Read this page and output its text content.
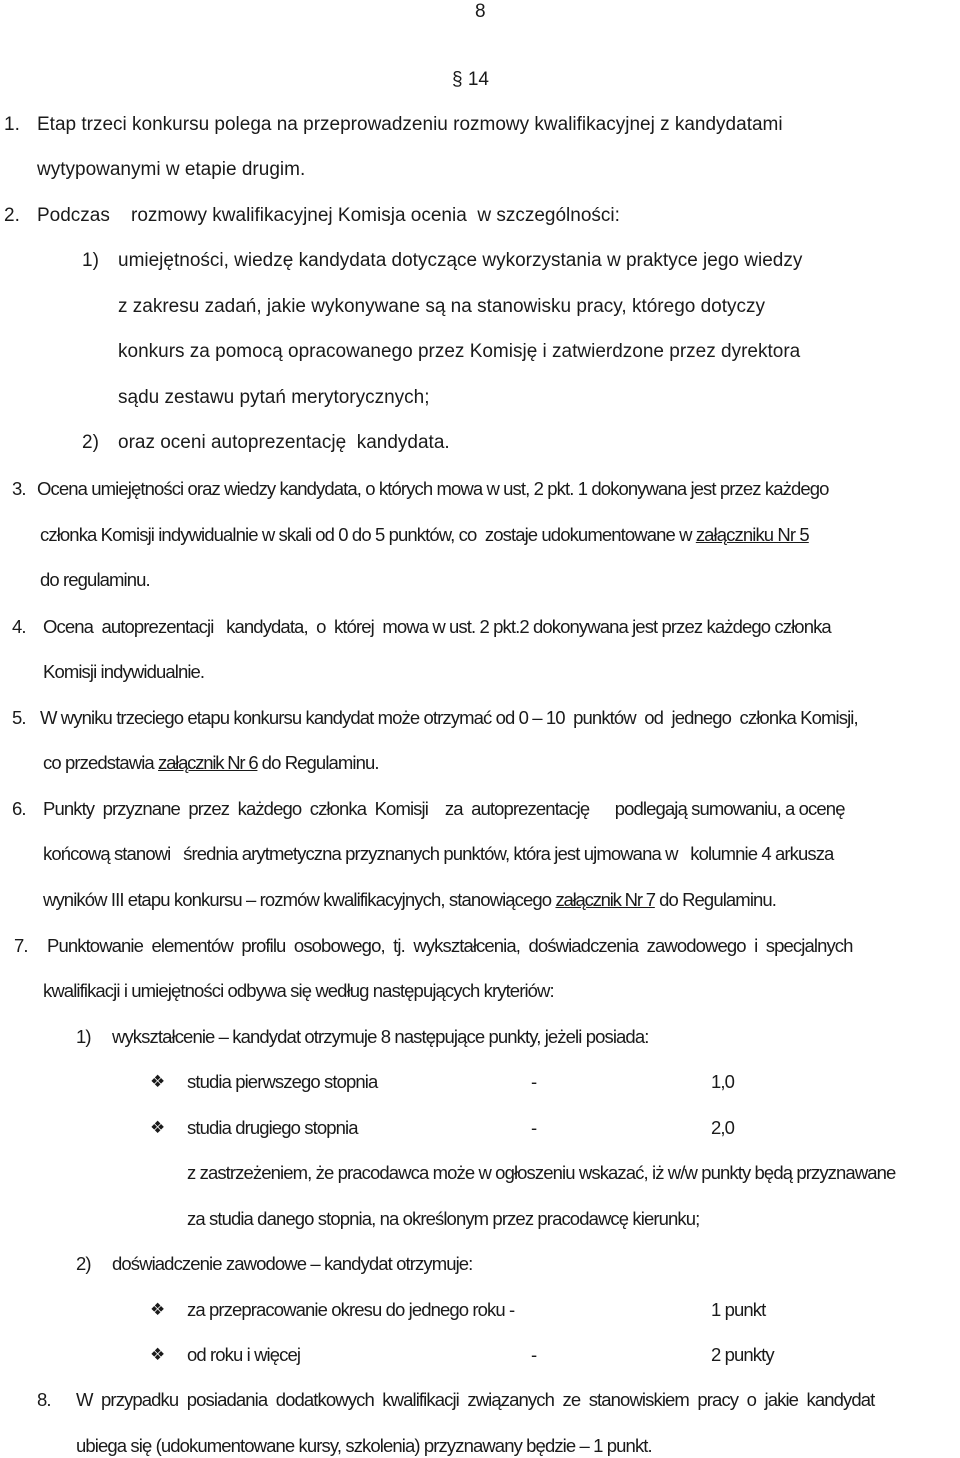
8
§ 14
1. Etap trzeci konkursu polega na przeprowadzeniu rozmowy kwalifikacyjnej z kandydatami
wytypowanymi w etapie drugim.
2. Podczas    rozmowy kwalifikacyjnej Komisja ocenia  w szczególności:
1) umiejętności, wiedzę kandydata dotyczące wykorzystania w praktyce jego wiedzy
z zakresu zadań, jakie wykonywane są na stanowisku pracy, którego dotyczy
konkurs za pomocą opracowanego przez Komisję i zatwierdzone przez dyrektora
sądu zestawu pytań merytorycznych;
2) oraz oceni autoprezentację  kandydata.
3. Ocena umiejętności oraz wiedzy kandydata, o których mowa w ust, 2 pkt. 1 dokonywana jest przez każdego
członka Komisji indywidualnie w skali od 0 do 5 punktów, co  zostaje udokumentowane w załączniku Nr 5
do regulaminu.
4. Ocena  autoprezentacji   kandydata,  o  której  mowa w ust. 2 pkt.2 dokonywana jest przez każdego członka
Komisji indywidualnie.
5. W wyniku trzeciego etapu konkursu kandydat może otrzymać od 0 – 10  punktów  od  jednego  członka Komisji,
co przedstawia załącznik Nr 6 do Regulaminu.
6. Punkty  przyznane  przez  każdego  członka  Komisji    za  autoprezentację      podlegają sumowaniu, a ocenę
końcową stanowi   średnia arytmetyczna przyznanych punktów, która jest ujmowana w   kolumnie 4 arkusza
wyników III etapu konkursu – rozmów kwalifikacyjnych, stanowiącego załącznik Nr 7 do Regulaminu.
7. Punktowanie  elementów  profilu  osobowego,  tj.  wykształcenia,  doświadczenia  zawodowego  i  specjalnych
kwalifikacji i umiejętności odbywa się według następujących kryteriów:
1) wykształcenie – kandydat otrzymuje 8 następujące punkty, jeżeli posiada:
❖ studia pierwszego stopnia	-	1,0
❖ studia drugiego stopnia	-	2,0
z zastrzeżeniem, że pracodawca może w ogłoszeniu wskazać, iż w/w punkty będą przyznawane
za studia danego stopnia, na określonym przez pracodawcę kierunku;
2) doświadczenie zawodowe – kandydat otrzymuje:
❖ za przepracowanie okresu do jednego roku -	1 punkt
❖ od roku i więcej	-	2 punkty
8. W  przypadku  posiadania  dodatkowych  kwalifikacji  związanych  ze  stanowiskiem  pracy  o  jakie  kandydat
ubiega się (udokumentowane kursy, szkolenia) przyznawany będzie – 1 punkt.
